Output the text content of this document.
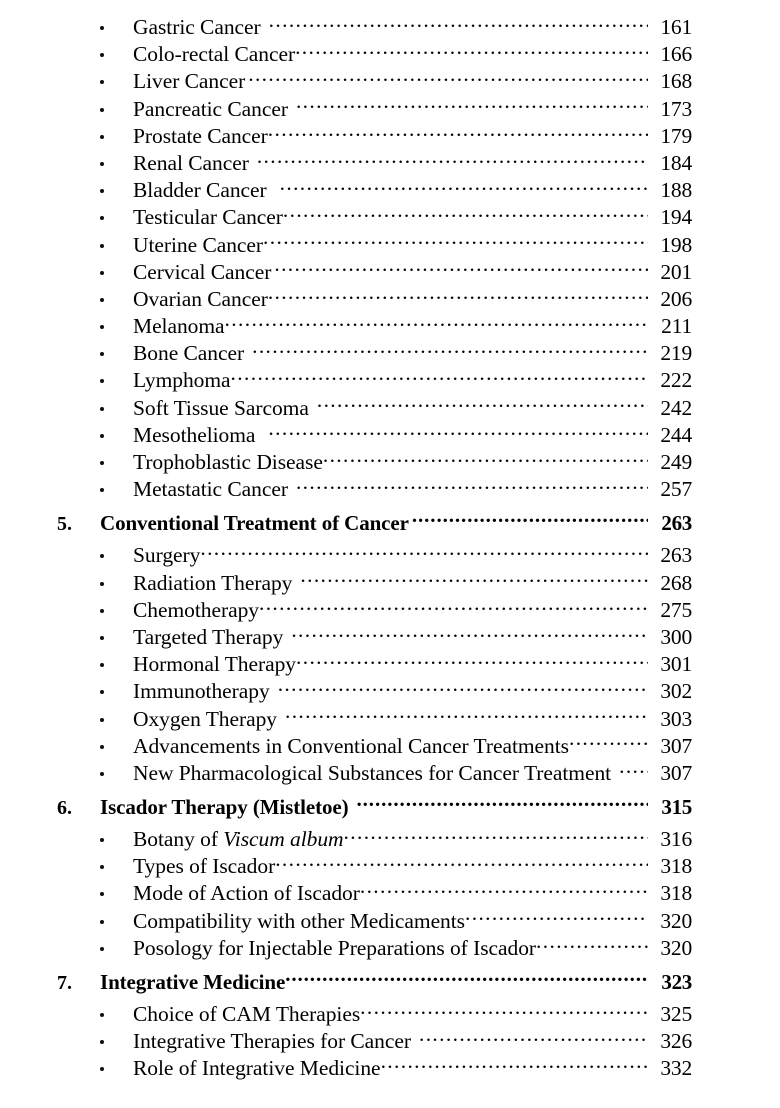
Gastric Cancer .....	161
Colo-rectal Cancer .....	166
Liver Cancer .....	168
Pancreatic Cancer .....	173
Prostate Cancer .....	179
Renal Cancer .....	184
Bladder Cancer .....	188
Testicular Cancer .....	194
Uterine Cancer .....	198
Cervical Cancer .....	201
Ovarian Cancer .....	206
Melanoma .....	211
Bone Cancer .....	219
Lymphoma .....	222
Soft Tissue Sarcoma .....	242
Mesothelioma .....	244
Trophoblastic Disease .....	249
Metastatic Cancer .....	257
5.	Conventional Treatment of Cancer .....	263
Surgery .....	263
Radiation Therapy .....	268
Chemotherapy .....	275
Targeted Therapy .....	300
Hormonal Therapy .....	301
Immunotherapy .....	302
Oxygen Therapy .....	303
Advancements in Conventional Cancer Treatments .....	307
New Pharmacological Substances for Cancer Treatment .....	307
6.	Iscador Therapy (Mistletoe) .....	315
Botany of Viscum album .....	316
Types of Iscador .....	318
Mode of Action of Iscador .....	318
Compatibility with other Medicaments .....	320
Posology for Injectable Preparations of Iscador .....	320
7.	Integrative Medicine .....	323
Choice of CAM Therapies .....	325
Integrative Therapies for Cancer .....	326
Role of Integrative Medicine .....	332
